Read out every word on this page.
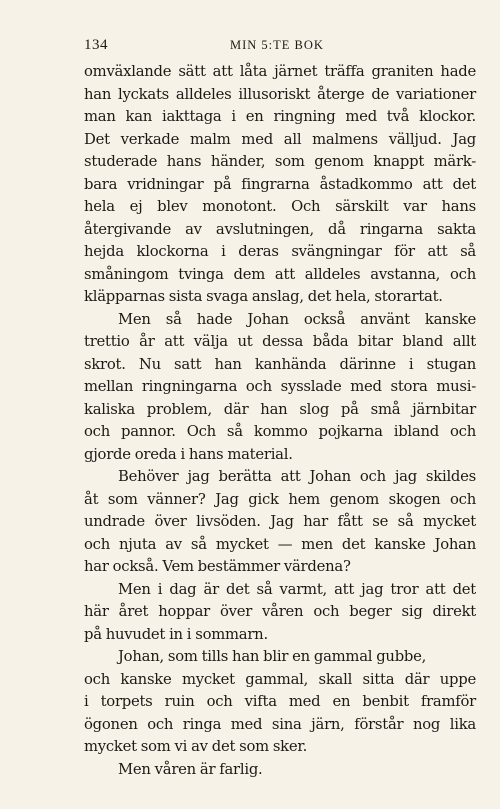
134	MIN 5:TE BOK
omväxlande sätt att låta järnet träffa graniten hade
han lyckats alldeles illusoriskt återge de variationer
man kan iakttaga i en ringning med två klockor.
Det verkade malm med all malmens välljud. Jag
studerade hans händer, som genom knappt märk-
bara vridningar på fingrarna åstadkommo att det
hela ej blev monotont. Och särskilt var hans
återgivande av avslutningen, då ringarna sakta
hejda klockorna i deras svängningar för att så
småningom tvinga dem att alldeles avstanna, och
kläpparnas sista svaga anslag, det hela, storartat.
Men så hade Johan också använt kanske
trettio år att välja ut dessa båda bitar bland allt
skrot. Nu satt han kanhända därinne i stugan
mellan ringningarna och sysslade med stora musi-
kaliska problem, där han slog på små järnbitar
och pannor. Och så kommo pojkarna ibland och
gjorde oreda i hans material.
Behöver jag berätta att Johan och jag skildes
åt som vänner? Jag gick hem genom skogen och
undrade över livsöden. Jag har fått se så mycket
och njuta av så mycket — men det kanske Johan
har också. Vem bestämmer värdena?
Men i dag är det så varmt, att jag tror att det
här året hoppar över våren och beger sig direkt
på huvudet in i sommarn.
Johan, som tills han blir en gammal gubbe,
och kanske mycket gammal, skall sitta där uppe
i torpets ruin och vifta med en benbit framför
ögonen och ringa med sina järn, förstår nog lika
mycket som vi av det som sker.
Men våren är farlig.
